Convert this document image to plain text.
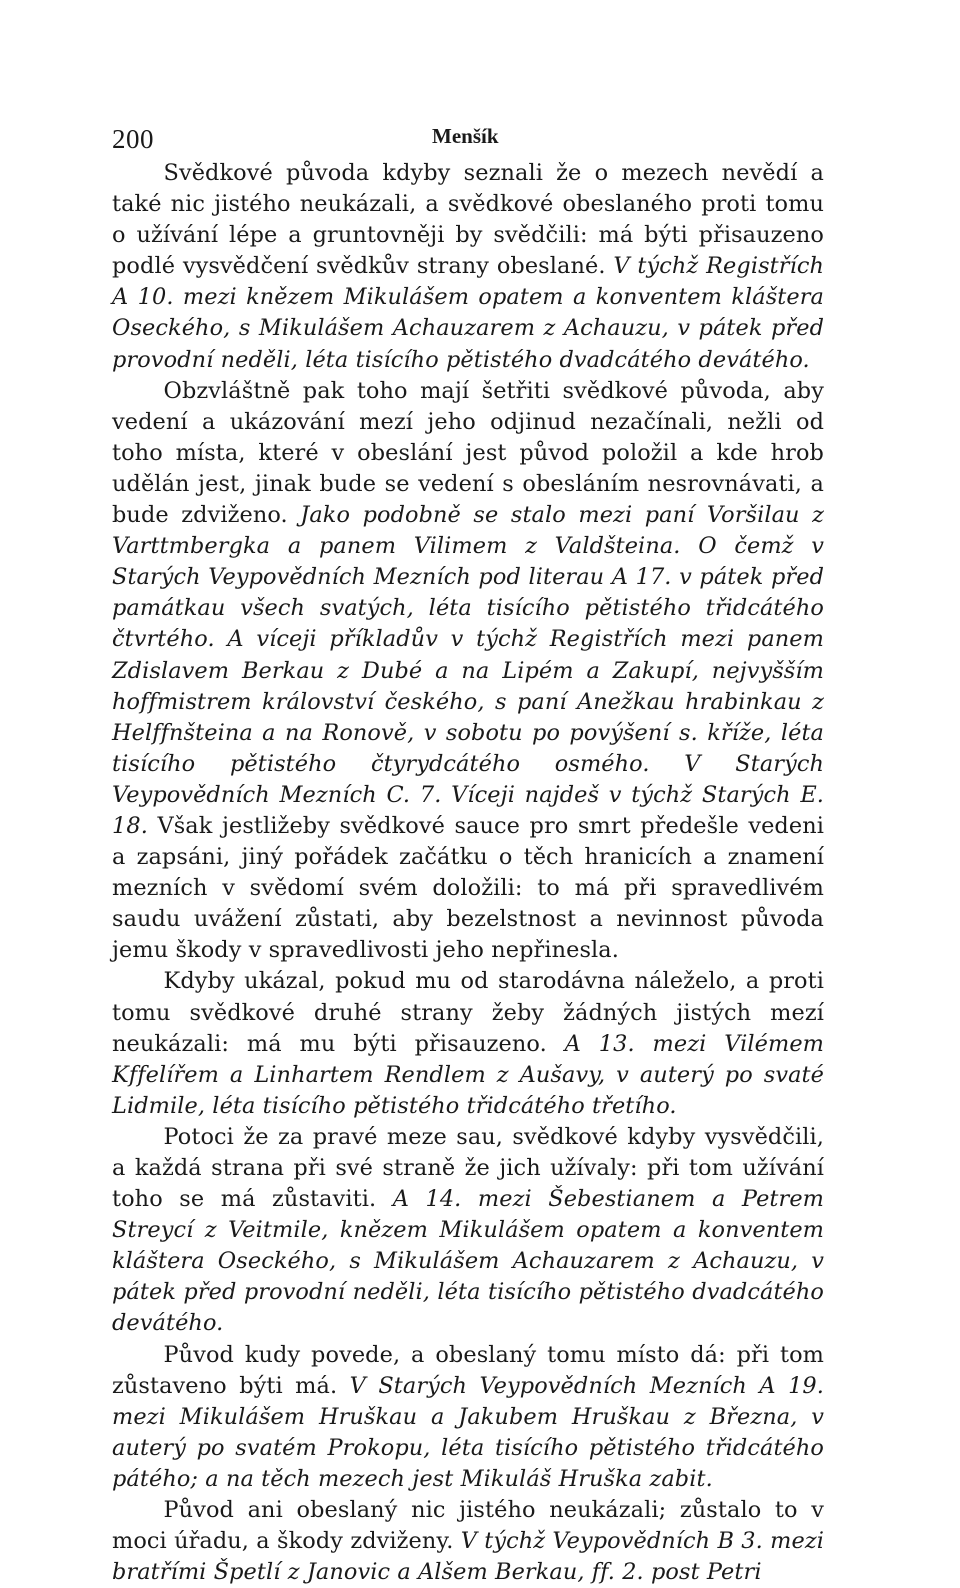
200	Menšík

Svědkové původa kdyby seznali že o mezech nevědí a také nic jistého neukázali, a svědkové obeslaného proti tomu o užívání lépe a gruntovněji by svědčili: má býti přisauzeno podlé vysvědčení svědkův strany obeslané. V týchž Registřích A 10. mezi knězem Mikulášem opatem a konventem kláštera Oseckého, s Mikulášem Achauzarem z Achauzu, v pátek před provodní neděli, léta tisícího pětistého dvadcátého devátého.

Obzvláštně pak toho mají šetřiti svědkové původa, aby vedení a ukázování mezí jeho odjinud nezačínali, nežli od toho místa, které v obeslání jest původ položil a kde hrob udělán jest, jinak bude se vedení s obesláním nesrovnávati, a bude zdviženo. Jako podobně se stalo mezi paní Voršilau z Varttmbergka a panem Vilimem z Valdšteina. O čemž v Starých Veypovědních Mezních pod literau A 17. v pátek před památkau všech svatých, léta tisícího pětistého třidcátého čtvrtého. A víceji příkladův v týchž Registřích mezi panem Zdislavem Berkau z Dubé a na Lipém a Zakupí, nejvyšším hoffmistrem království českého, s paní Anežkau hrabinkau z Helffnšteina a na Ronově, v sobotu po povýšení s. kříže, léta tisícího pětistého čtyrydcátého osmého. V Starých Veypovědních Mezních C. 7. Víceji najdeš v týchž Starých E. 18. Však jestližeby svědkové sauce pro smrt předešle vedeni a zapsáni, jiný pořádek začátku o těch hranicích a znamení mezních v svědomí svém doložili: to má při spravedlivém saudu uvážení zůstati, aby bezelstnost a nevinnost původa jemu škody v spravedlivosti jeho nepřinesla.

Kdyby ukázal, pokud mu od starodávna náleželo, a proti tomu svědkové druhé strany žeby žádných jistých mezí neukázali: má mu býti přisauzeno. A 13. mezi Vilémem Kffelířem a Linhartem Rendlem z Aušavy, v auterý po svaté Lidmile, léta tisícího pětistého třidcátého třetího.

Potoci že za pravé meze sau, svědkové kdyby vysvědčili, a každá strana při své straně že jich užívaly: při tom užívání toho se má zůstaviti. A 14. mezi Šebestianem a Petrem Streycí z Veitmile, knězem Mikulášem opatem a konventem kláštera Oseckého, s Mikulášem Achauzarem z Achauzu, v pátek před provodní neděli, léta tisícího pětistého dvadcátého devátého.

Původ kudy povede, a obeslaný tomu místo dá: při tom zůstaveno býti má. V Starých Veypovědních Mezních A 19. mezi Mikulášem Hruškau a Jakubem Hruškau z Března, v auterý po svatém Prokopu, léta tisícího pětistého třidcátého pátého; a na těch mezech jest Mikuláš Hruška zabit.

Původ ani obeslaný nic jistého neukázali; zůstalo to v moci úřadu, a škody zdviženy. V týchž Veypovědních B 3. mezi bratřími Špetlí z Janovic a Alšem Berkau, ff. 2. post Petri
